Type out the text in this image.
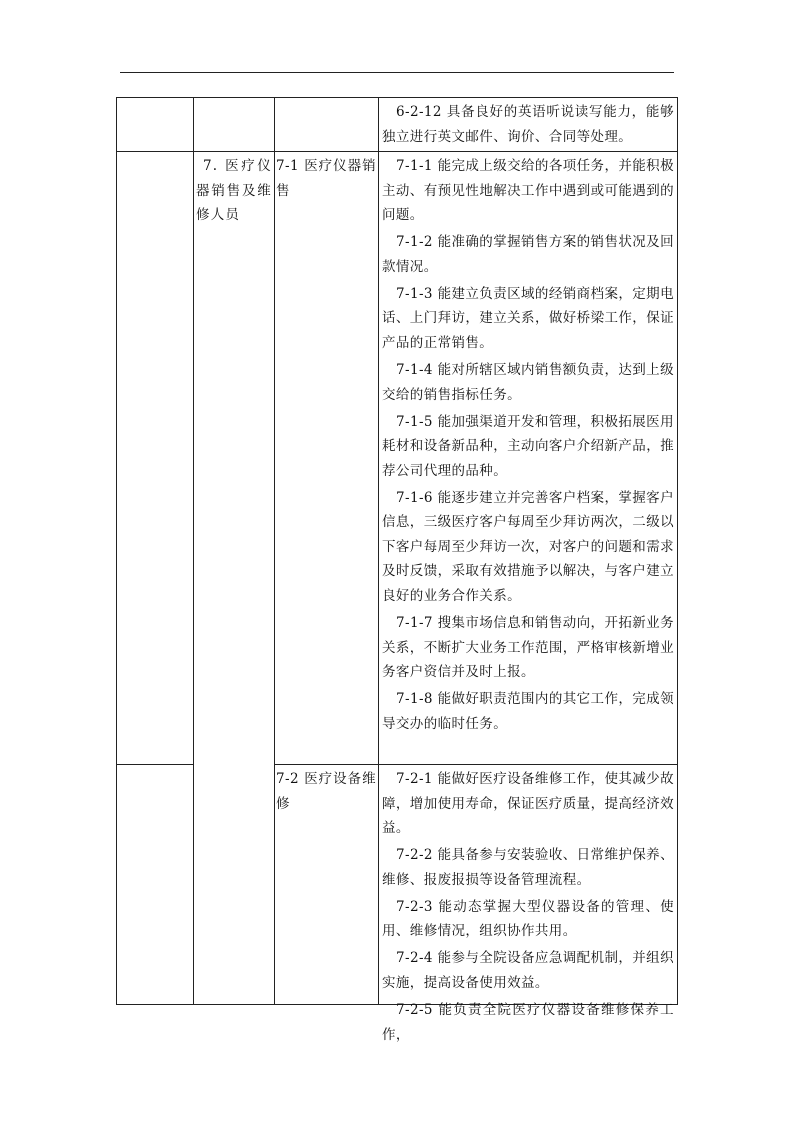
6-2-12 具备良好的英语听说读写能力，能够独立进行英文邮件、询价、合同等处理。

7. 医疗仪器销售及维修人员

7-1 医疗仪器销售

7-1-1 能完成上级交给的各项任务，并能积极主动、有预见性地解决工作中遇到或可能遇到的问题。

7-1-2 能准确的掌握销售方案的销售状况及回款情况。

7-1-3 能建立负责区域的经销商档案，定期电话、上门拜访，建立关系，做好桥梁工作，保证产品的正常销售。

7-1-4 能对所辖区域内销售额负责，达到上级交给的销售指标任务。

7-1-5 能加强渠道开发和管理，积极拓展医用耗材和设备新品种，主动向客户介绍新产品，推荐公司代理的品种。

7-1-6 能逐步建立并完善客户档案，掌握客户信息，三级医疗客户每周至少拜访两次，二级以下客户每周至少拜访一次，对客户的问题和需求及时反馈，采取有效措施予以解决，与客户建立良好的业务合作关系。

7-1-7 搜集市场信息和销售动向，开拓新业务关系，不断扩大业务工作范围，严格审核新增业务客户资信并及时上报。

7-1-8 能做好职责范围内的其它工作，完成领导交办的临时任务。

7-2 医疗设备维修

7-2-1 能做好医疗设备维修工作，使其减少故障，增加使用寿命，保证医疗质量，提高经济效益。

7-2-2 能具备参与安装验收、日常维护保养、维修、报废报损等设备管理流程。

7-2-3 能动态掌握大型仪器设备的管理、使用、维修情况，组织协作共用。

7-2-4 能参与全院设备应急调配机制，并组织实施，提高设备使用效益。

7-2-5 能负责全院医疗仪器设备维修保养工作，
